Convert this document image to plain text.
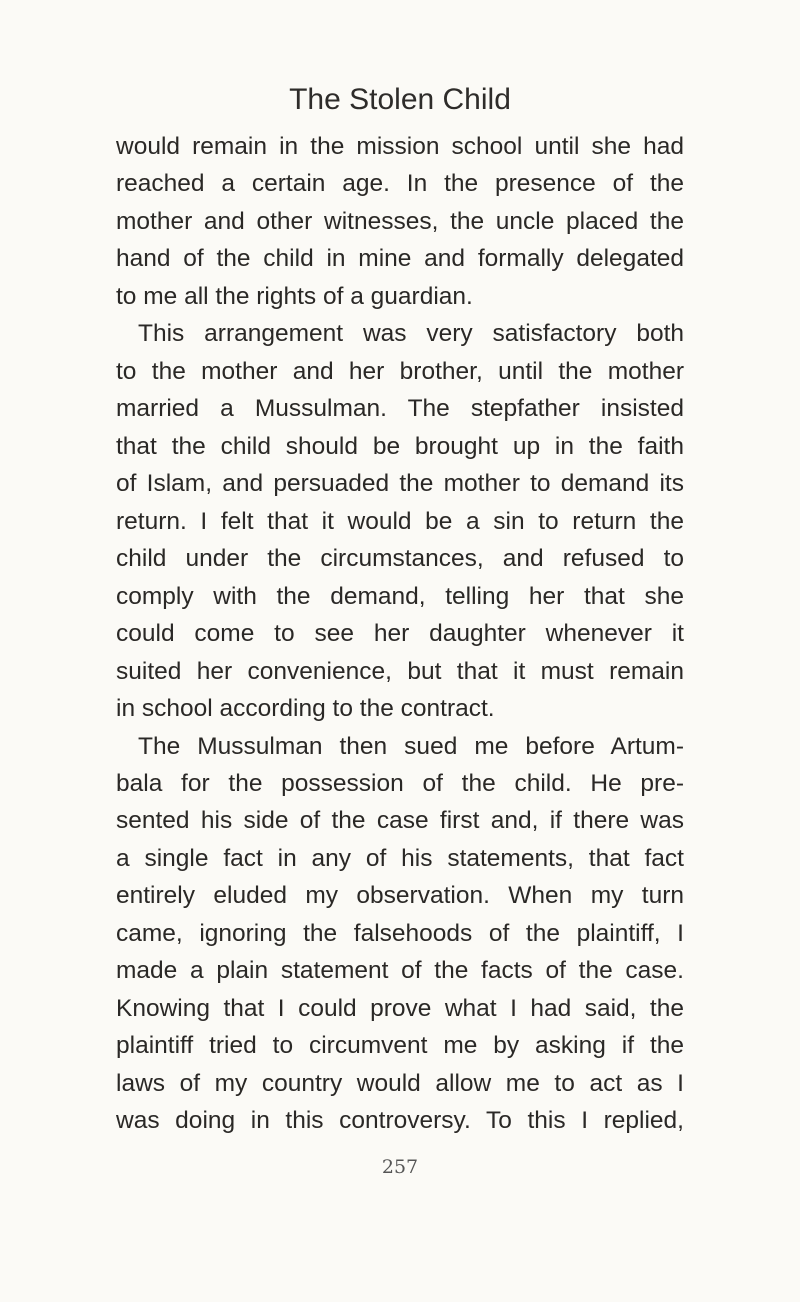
The Stolen Child
would remain in the mission school until she had
reached a certain age. In the presence of the
mother and other witnesses, the uncle placed the
hand of the child in mine and formally delegated
to me all the rights of a guardian.
This arrangement was very satisfactory both
to the mother and her brother, until the mother
married a Mussulman. The stepfather insisted
that the child should be brought up in the faith
of Islam, and persuaded the mother to demand its
return. I felt that it would be a sin to return the
child under the circumstances, and refused to
comply with the demand, telling her that she
could come to see her daughter whenever it
suited her convenience, but that it must remain
in school according to the contract.
The Mussulman then sued me before Artum-
bala for the possession of the child. He pre-
sented his side of the case first and, if there was
a single fact in any of his statements, that fact
entirely eluded my observation. When my turn
came, ignoring the falsehoods of the plaintiff, I
made a plain statement of the facts of the case.
Knowing that I could prove what I had said, the
plaintiff tried to circumvent me by asking if the
laws of my country would allow me to act as I
was doing in this controversy. To this I replied,
257
